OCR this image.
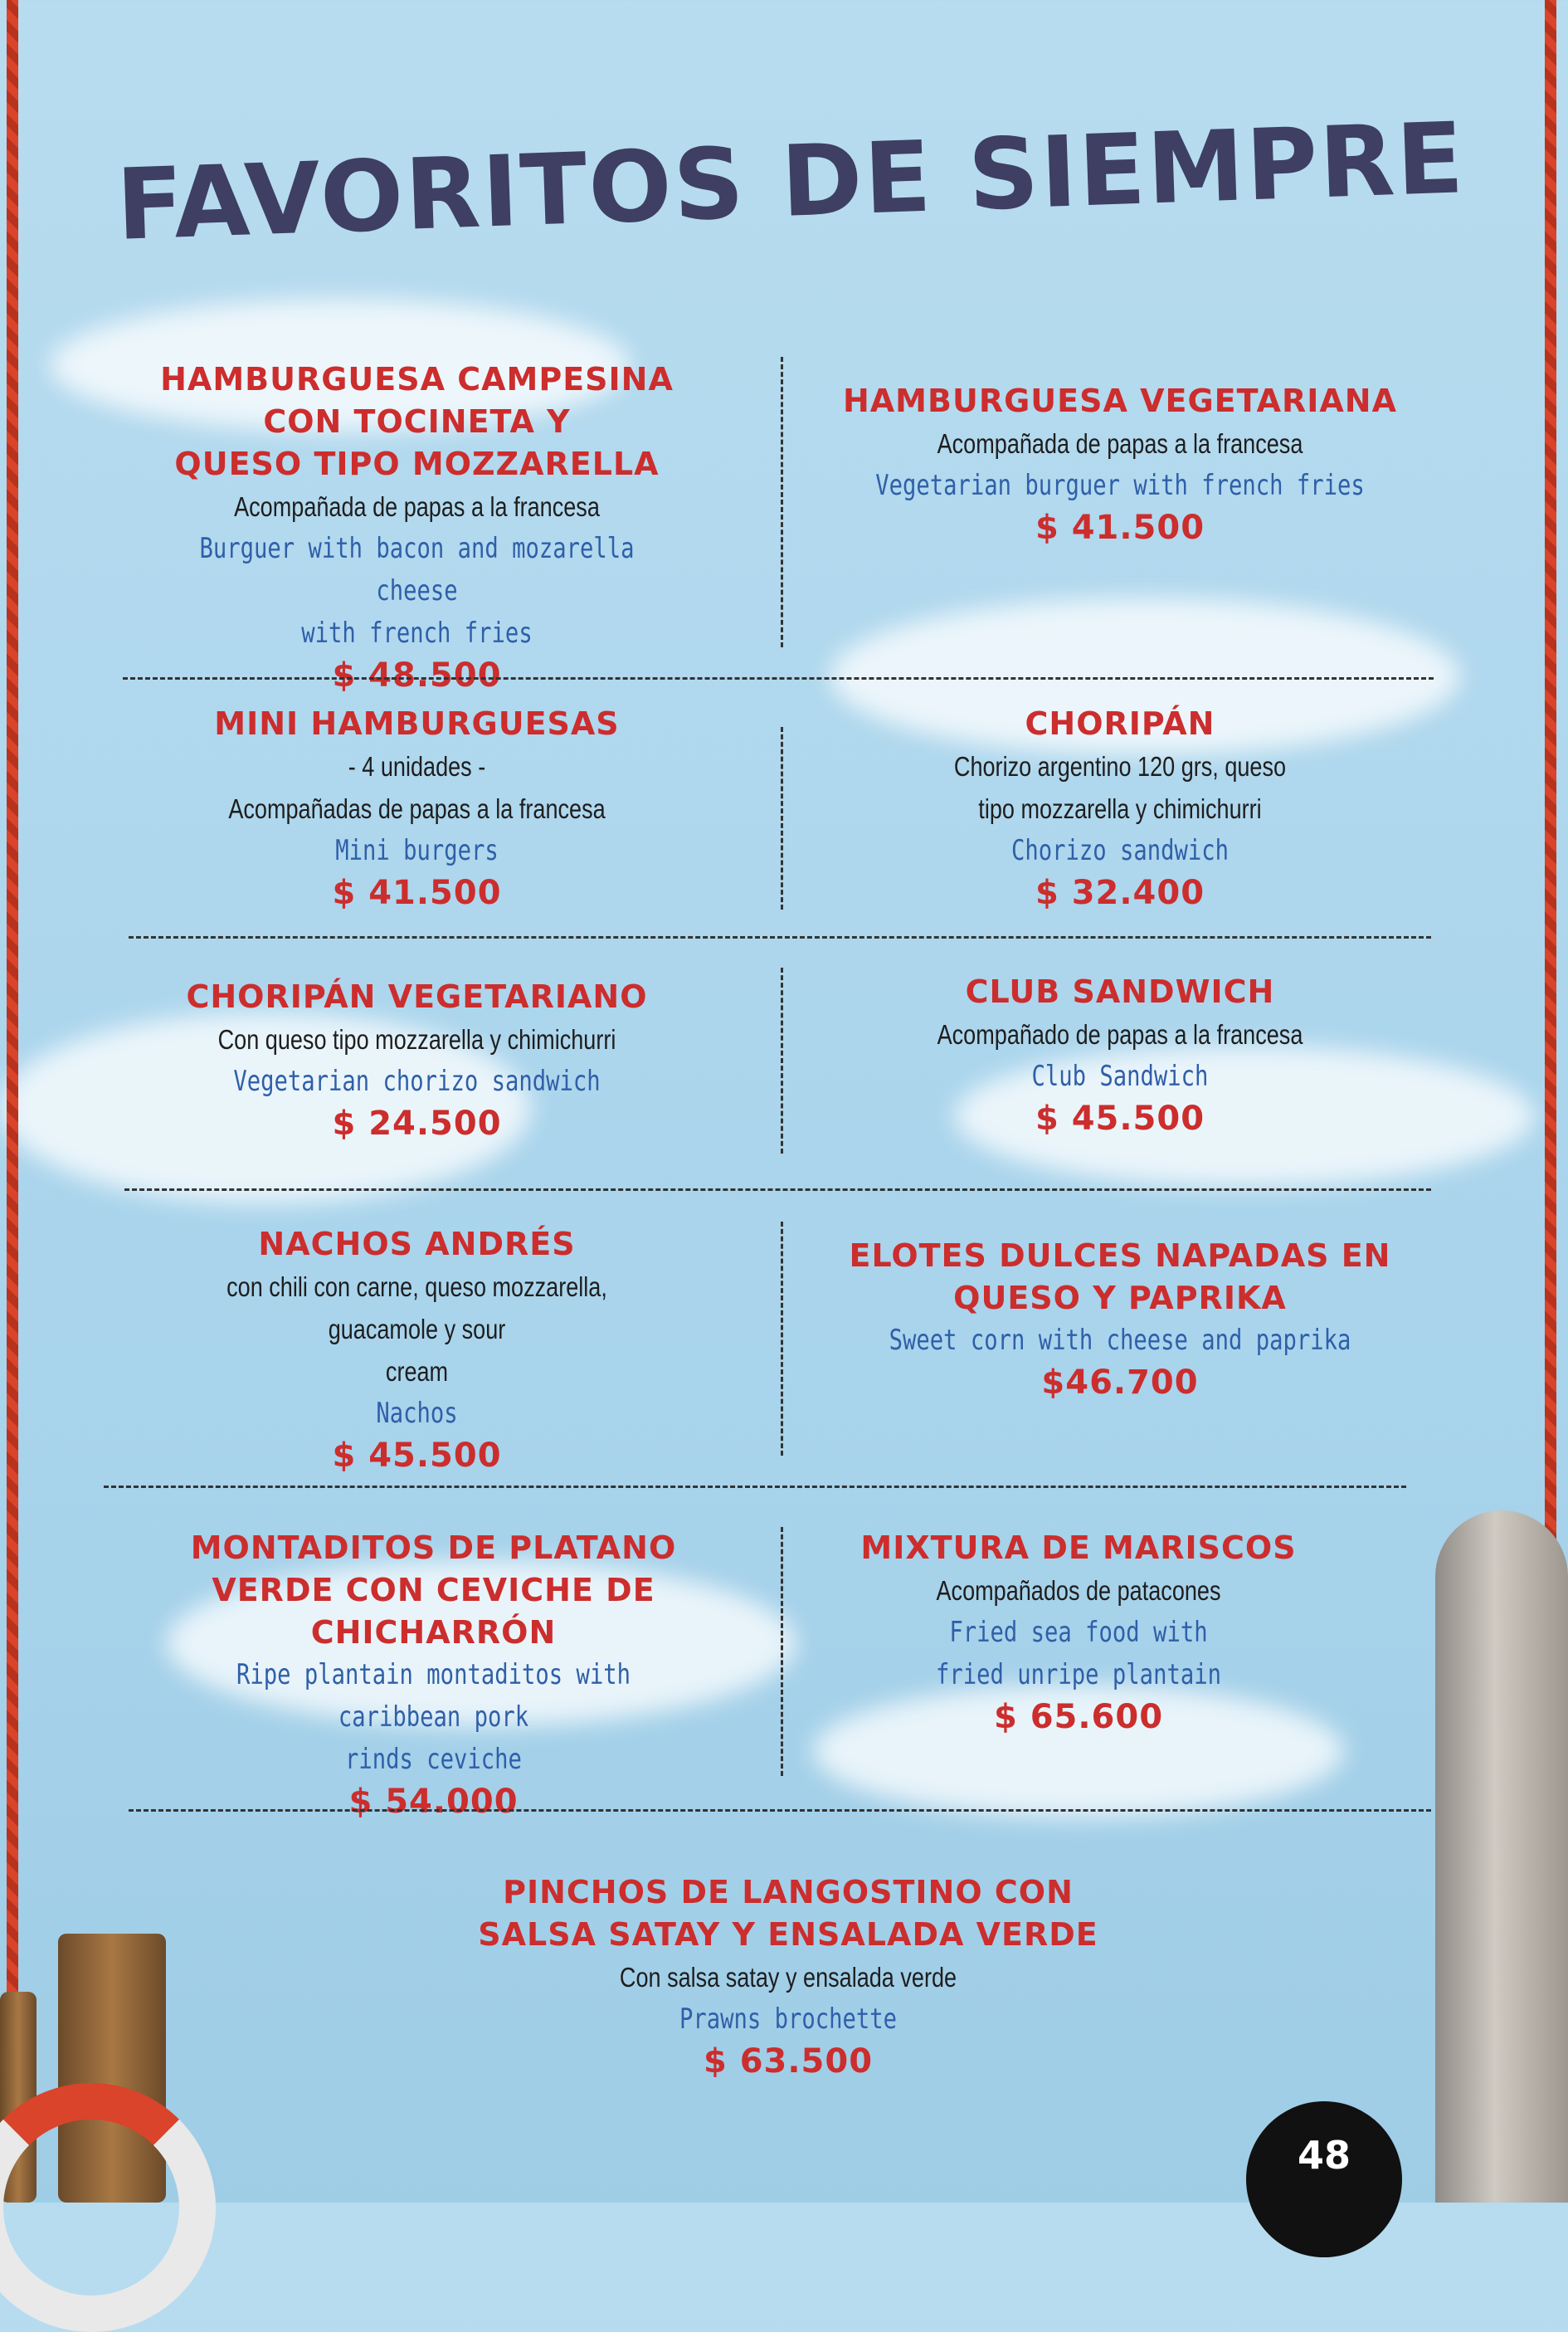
FAVORITOS DE SIEMPRE
HAMBURGUESA CAMPESINA
CON TOCINETA Y
QUESO TIPO MOZZARELLA
Acompañada de papas a la francesa
Burguer with bacon and mozarella cheese
with french fries
$ 48.500
HAMBURGUESA VEGETARIANA
Acompañada de papas a la francesa
Vegetarian burguer with french fries
$ 41.500
MINI HAMBURGUESAS
- 4 unidades -
Acompañadas de papas a la francesa
Mini burgers
$ 41.500
CHORIPÁN
Chorizo argentino 120 grs, queso
tipo mozzarella y chimichurri
Chorizo sandwich
$ 32.400
CHORIPÁN VEGETARIANO
Con queso tipo mozzarella y chimichurri
Vegetarian chorizo sandwich
$ 24.500
CLUB SANDWICH
Acompañado de papas a la francesa
Club Sandwich
$ 45.500
NACHOS ANDRÉS
con chili con carne, queso mozzarella, guacamole y sour
cream
Nachos
$ 45.500
ELOTES DULCES NAPADAS EN
QUESO Y PAPRIKA
Sweet corn with cheese and paprika
$46.700
MONTADITOS DE PLATANO
VERDE CON CEVICHE DE
CHICHARRÓN
Ripe plantain montaditos with caribbean pork
rinds ceviche
$ 54.000
MIXTURA DE MARISCOS
Acompañados de patacones
Fried sea food with
fried unripe plantain
$ 65.600
PINCHOS DE LANGOSTINO CON
SALSA SATAY Y ENSALADA VERDE
Con salsa satay y ensalada verde
Prawns brochette
$ 63.500
48
